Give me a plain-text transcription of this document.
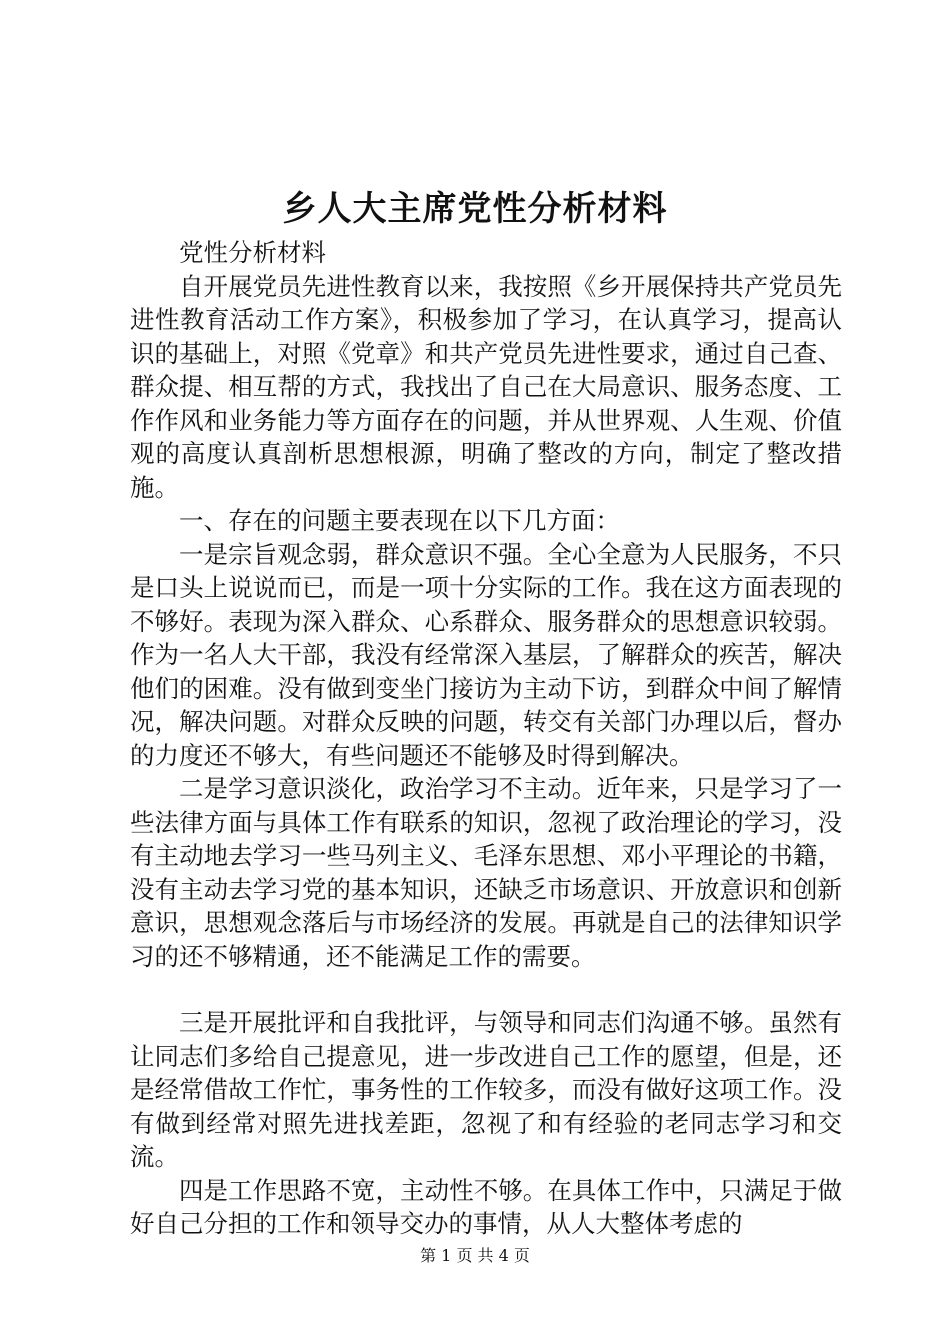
乡人大主席党性分析材料

党性分析材料

自开展党员先进性教育以来，我按照《乡开展保持共产党员先进性教育活动工作方案》，积极参加了学习，在认真学习，提高认识的基础上，对照《党章》和共产党员先进性要求，通过自己查、群众提、相互帮的方式，我找出了自己在大局意识、服务态度、工作作风和业务能力等方面存在的问题，并从世界观、人生观、价值观的高度认真剖析思想根源，明确了整改的方向，制定了整改措施。

一、存在的问题主要表现在以下几方面：

一是宗旨观念弱，群众意识不强。全心全意为人民服务，不只是口头上说说而已，而是一项十分实际的工作。我在这方面表现的不够好。表现为深入群众、心系群众、服务群众的思想意识较弱。作为一名人大干部，我没有经常深入基层，了解群众的疾苦，解决他们的困难。没有做到变坐门接访为主动下访，到群众中间了解情况，解决问题。对群众反映的问题，转交有关部门办理以后，督办的力度还不够大，有些问题还不能够及时得到解决。

二是学习意识淡化，政治学习不主动。近年来，只是学习了一些法律方面与具体工作有联系的知识，忽视了政治理论的学习，没有主动地去学习一些马列主义、毛泽东思想、邓小平理论的书籍，没有主动去学习党的基本知识，还缺乏市场意识、开放意识和创新意识，思想观念落后与市场经济的发展。再就是自己的法律知识学习的还不够精通，还不能满足工作的需要。

三是开展批评和自我批评，与领导和同志们沟通不够。虽然有让同志们多给自己提意见，进一步改进自己工作的愿望，但是，还是经常借故工作忙，事务性的工作较多，而没有做好这项工作。没有做到经常对照先进找差距，忽视了和有经验的老同志学习和交流。

四是工作思路不宽，主动性不够。在具体工作中，只满足于做好自己分担的工作和领导交办的事情，从人大整体考虑的

第 1 页 共 4 页
